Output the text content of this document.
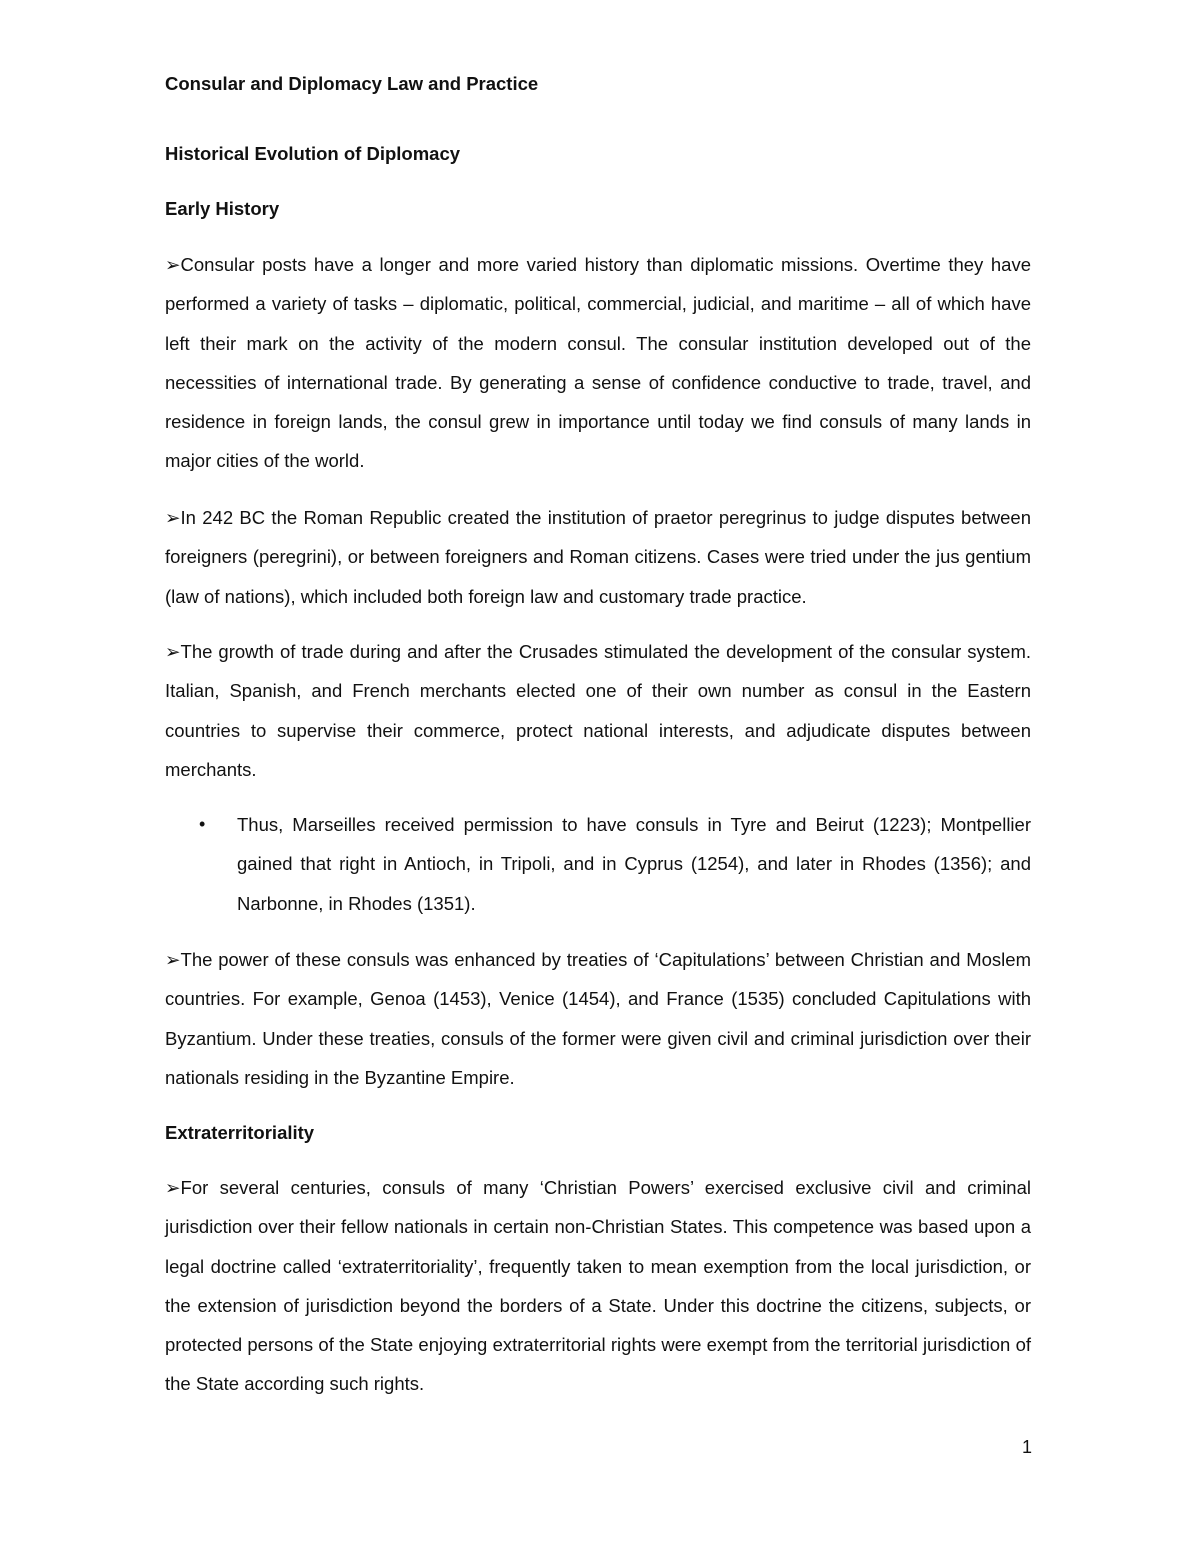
Consular and Diplomacy Law and Practice
Historical Evolution of Diplomacy
Early History
➢Consular posts have a longer and more varied history than diplomatic missions. Overtime they have performed a variety of tasks – diplomatic, political, commercial, judicial, and maritime – all of which have left their mark on the activity of the modern consul. The consular institution developed out of the necessities of international trade. By generating a sense of confidence conductive to trade, travel, and residence in foreign lands, the consul grew in importance until today we find consuls of many lands in major cities of the world.
➢In 242 BC the Roman Republic created the institution of praetor peregrinus to judge disputes between foreigners (peregrini), or between foreigners and Roman citizens. Cases were tried under the jus gentium (law of nations), which included both foreign law and customary trade practice.
➢The growth of trade during and after the Crusades stimulated the development of the consular system. Italian, Spanish, and French merchants elected one of their own number as consul in the Eastern countries to supervise their commerce, protect national interests, and adjudicate disputes between merchants.
•	Thus, Marseilles received permission to have consuls in Tyre and Beirut (1223); Montpellier gained that right in Antioch, in Tripoli, and in Cyprus (1254), and later in Rhodes (1356); and Narbonne, in Rhodes (1351).
➢The power of these consuls was enhanced by treaties of ‘Capitulations’ between Christian and Moslem countries. For example, Genoa (1453), Venice (1454), and France (1535) concluded Capitulations with Byzantium. Under these treaties, consuls of the former were given civil and criminal jurisdiction over their nationals residing in the Byzantine Empire.
Extraterritoriality
➢For several centuries, consuls of many ‘Christian Powers’ exercised exclusive civil and criminal jurisdiction over their fellow nationals in certain non-Christian States. This competence was based upon a legal doctrine called ‘extraterritoriality’, frequently taken to mean exemption from the local jurisdiction, or the extension of jurisdiction beyond the borders of a State. Under this doctrine the citizens, subjects, or protected persons of the State enjoying extraterritorial rights were exempt from the territorial jurisdiction of the State according such rights.
1
